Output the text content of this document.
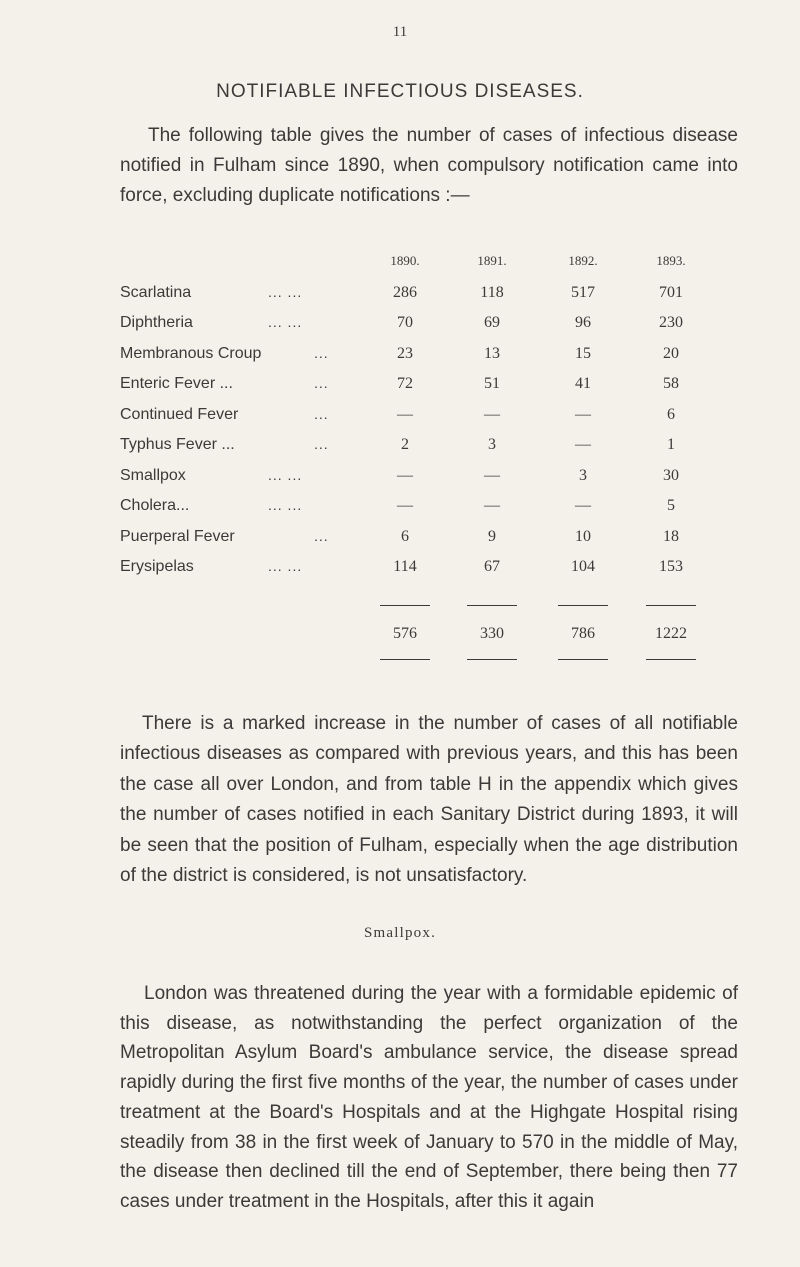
11
NOTIFIABLE INFECTIOUS DISEASES.
The following table gives the number of cases of infectious disease notified in Fulham since 1890, when compulsory notification came into force, excluding duplicate notifications :—
1890.	1891.	1892.	1893.
Scarlatina	... ...	286	118	517	701
Diphtheria	... ...	70	69	96	230
Membranous Croup	...	23	13	15	20
Enteric Fever ...	...	72	51	41	58
Continued Fever	...	—	—	—	6
Typhus Fever ...	...	2	3	—	1
Smallpox	... ...	—	—	3	30
Cholera...	... ...	—	—	—	5
Puerperal Fever	...	6	9	10	18
Erysipelas	... ...	114	67	104	153
576	330	786	1222
There is a marked increase in the number of cases of all notifiable infectious diseases as compared with previous years, and this has been the case all over London, and from table H in the appendix which gives the number of cases notified in each Sanitary District during 1893, it will be seen that the position of Fulham, especially when the age distribution of the district is considered, is not unsatisfactory.
Smallpox.
London was threatened during the year with a formidable epidemic of this disease, as notwithstanding the perfect organization of the Metropolitan Asylum Board's ambulance service, the disease spread rapidly during the first five months of the year, the number of cases under treatment at the Board's Hospitals and at the Highgate Hospital rising steadily from 38 in the first week of January to 570 in the middle of May, the disease then declined till the end of September, there being then 77 cases under treatment in the Hospitals, after this it again
